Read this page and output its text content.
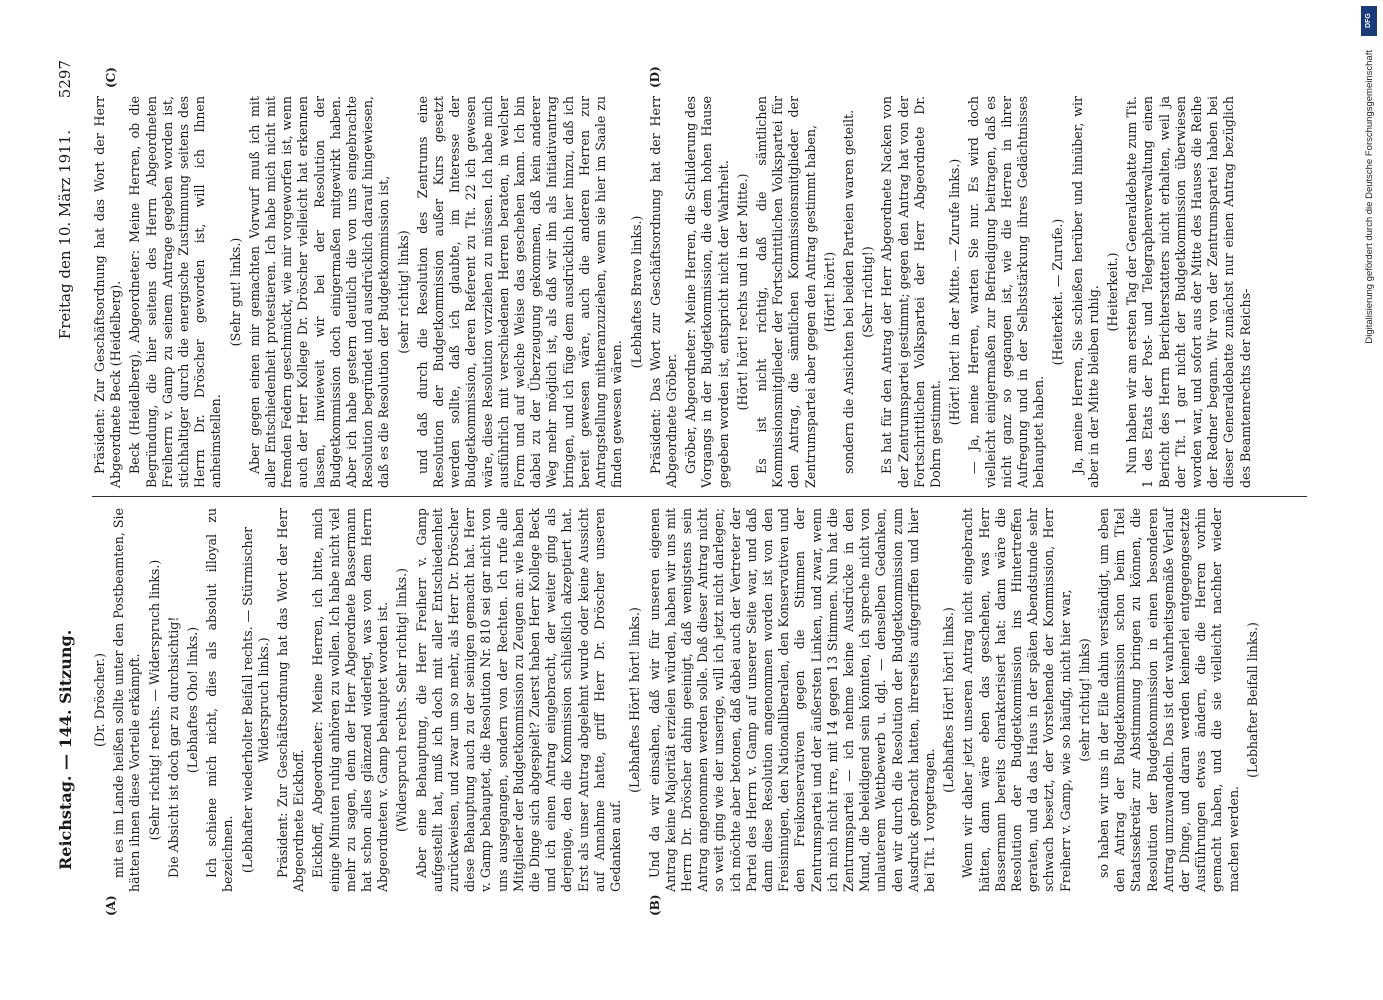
Reichstag. — 144. Sitzung.
Freitag den 10. März 1911.
5297
(A)	(B)
(C)	(D)

(Dr. Dröscher.) mit es im Lande heißen sollte unter den Postbeamten, Sie hätten ihnen diese Vorteile erkämpft. (Sehr richtig! rechts. — Widerspruch links.) Die Absicht ist doch gar zu durchsichtig! (Lebhaftes Oho! links.) Ich schiene mich nicht, dies als absolut illoyal zu bezeichnen. (Lebhafter wiederholter Beifall rechts. — Stürmischer Widerspruch links.) Präsident: Zur Geschäftsordnung hat das Wort der Herr Abgeordnete Eickhoff. Eickhoff, Abgeordneter: Meine Herren, ich bitte, mich einige Minuten ruhig anhören zu wollen. Ich habe nicht viel mehr zu sagen, denn der Herr Abgeordnete Bassermann hat schon alles glänzend widerlegt, was von dem Herrn Abgeordneten v. Gamp behauptet worden ist. (Widerspruch rechts. Sehr richtig! links.) Aber eine Behauptung, die Herr Freiherr v. Gamp aufgestellt hat, muß ich doch mit aller Entschiedenheit zurückweisen, und zwar um so mehr, als Herr Dr. Dröscher diese Behauptung auch zu der seinigen gemacht hat. Herr v. Gamp behauptet, die Resolution Nr. 810 sei gar nicht von uns ausgegangen, sondern von der Rechten. Ich rufe alle Mitglieder der Budgetkommission zu Zeugen an: wie haben die Dinge sich abgespielt? Zuerst haben Herr Kollege Beck und ich einen Antrag eingebracht, der weiter ging als derjenige, den die Kommission schließlich akzeptiert hat. Erst als unser Antrag abgelehnt wurde oder keine Aussicht auf Annahme hatte, griff Herr Dr. Dröscher unseren Gedanken auf.

(Lebhaftes Hört! hört! links.) Und da wir einsahen, daß wir für unseren eigenen Antrag keine Majorität erzielen würden, haben wir uns mit Herrn Dr. Dröscher dahin geeinigt, daß wenigstens sein Antrag angenommen werden solle. Daß dieser Antrag nicht so weit ging wie der unserige, will ich jetzt nicht darlegen; ich möchte aber betonen, daß dabei auch der Vertreter der Partei des Herrn v. Gamp auf unserer Seite war, und daß dann diese Resolution angenommen worden ist von den Freisinnigen, den Nationalliberalen, den Konservativen und den Freikonservativen gegen die Stimmen der Zentrumspartei und der äußersten Linken, und zwar, wenn ich mich nicht irre, mit 14 gegen 13 Stimmen. Nun hat die Zentrumspartei — ich nehme keine Ausdrücke in den Mund, die beleidigend sein könnten, ich spreche nicht von unlauterem Wettbewerb u. dgl. — denselben Gedanken, den wir durch die Resolution der Budgetkommission zum Ausdruck gebracht hatten, ihrerseits aufgegriffen und hier bei Tit. 1 vorgetragen.

(Lebhaftes Hört! hört! links.) Wenn wir daher jetzt unseren Antrag nicht eingebracht hätten, dann wäre eben das geschehen, was Herr Bassermann bereits charakterisiert hat: dann wäre die Resolution der Budgetkommission ins Hintertreffen geraten, und da das Haus in der späten Abendstunde sehr schwach besetzt, der Vorstehende der Kommission, Herr Freiherr v. Gamp, wie so häufig, nicht hier war, (sehr richtig! links) so haben wir uns in der Eile dahin verständigt, um eben den Antrag der Budgetkommission schon beim Titel Staatssekretär zur Abstimmung bringen zu können, die Resolution der Budgetkommission in einen besonderen Antrag umzuwandeln. Das ist der wahrheitsgemäße Verlauf der Dinge, und daran werden keinerlei entgegengesetzte Ausführungen etwas ändern, die die Herren vorhin gemacht haben, und die sie vielleicht nachher wieder machen werden.

(Lebhafter Beifall links.)

Präsident: Zur Geschäftsordnung hat das Wort der Herr Abgeordnete Beck (Heidelberg). Beck (Heidelberg), Abgeordneter: Meine Herren, ob die Begründung, die hier seitens des Herrn Abgeordneten Freiherrn v. Gamp zu seinem Antrage gegeben worden ist, stichhaltiger durch die energische Zustimmung seitens des Herrn Dr. Dröscher geworden ist, will ich Ihnen anheimstellen.

(Sehr gut! links.) Aber gegen einen mir gemachten Vorwurf muß ich mit aller Entschiedenheit protestieren. Ich habe mich nicht mit fremden Federn geschmückt, wie mir vorgeworfen ist, wenn auch der Herr Kollege Dr. Dröscher vielleicht hat erkennen lassen, inwieweit wir bei der Resolution der Budgetkommission doch einigermaßen mitgewirkt haben. Aber ich habe gestern deutlich die von uns eingebrachte Resolution begründet und ausdrücklich darauf hingewiesen, daß es die Resolution der Budgetkommission ist, (sehr richtig! links) und daß durch die Resolution des Zentrums eine Resolution der Budgetkommission außer Kurs gesetzt werden sollte, daß ich glaubte, im Interesse der Budgetkommission, deren Referent zu Tit. 22 ich gewesen wäre, diese Resolution vorziehen zu müssen. Ich habe mich ausführlich mit verschiedenen Herren beraten, in welcher Form und auf welche Weise das geschehen kann. Ich bin dabei zu der Überzeugung gekommen, daß kein anderer Weg mehr möglich ist, als daß wir ihn als Initiativantrag bringen, und ich füge dem ausdrücklich hier hinzu, daß ich bereit gewesen wäre, auch die anderen Herren zur Antragstellung mitheranzuziehen, wenn sie hier im Saale zu finden gewesen wären.

(Lebhaftes Bravo links.) Präsident: Das Wort zur Geschäftsordnung hat der Herr Abgeordnete Gröber. Gröber, Abgeordneter: Meine Herren, die Schilderung des Vorgangs in der Budgetkommission, die dem hohen Hause gegeben worden ist, entspricht nicht der Wahrheit. (Hört! hört! rechts und in der Mitte.) Es ist nicht richtig, daß die sämtlichen Kommissionsmitglieder der Fortschrittlichen Volkspartei für den Antrag, die sämtlichen Kommissionsmitglieder der Zentrumspartei aber gegen den Antrag gestimmt haben, (Hört! hört!) sondern die Ansichten bei beiden Parteien waren geteilt. (Sehr richtig!) Es hat für den Antrag der Herr Abgeordnete Nacken von der Zentrumspartei gestimmt; gegen den Antrag hat von der Fortschrittlichen Volkspartei der Herr Abgeordnete Dr. Dohrn gestimmt.

(Hört! hört! in der Mitte. — Zurufe links.) — Ja, meine Herren, warten Sie nur. Es wird doch vielleicht einigermaßen zur Befriedigung beitragen, daß es nicht ganz so gegangen ist, wie die Herren in ihrer Aufregung und in der Selbststärkung ihres Gedächtnisses behauptet haben.

(Heiterkeit. — Zurufe.) Ja, meine Herren, Sie schießen herüber und hinüber, wir aber in der Mitte bleiben ruhig. (Heiterkeit.) Nun haben wir am ersten Tag der Generaldebatte zum Tit. 1 des Etats der Post- und Telegraphenverwaltung einen Bericht des Herrn Berichterstatters nicht erhalten, weil ja der Tit. 1 gar nicht der Budgetkommission überwiesen worden war, und sofort aus der Mitte des Hauses die Reihe der Redner begann. Wir von der Zentrumspartei haben bei dieser Generaldebatte zunächst nur einen Antrag bezüglich des Beamtenrechts der Reichs-

Digitalisierung gefördert durch die Deutsche Forschungsgemeinschaft
DFG
